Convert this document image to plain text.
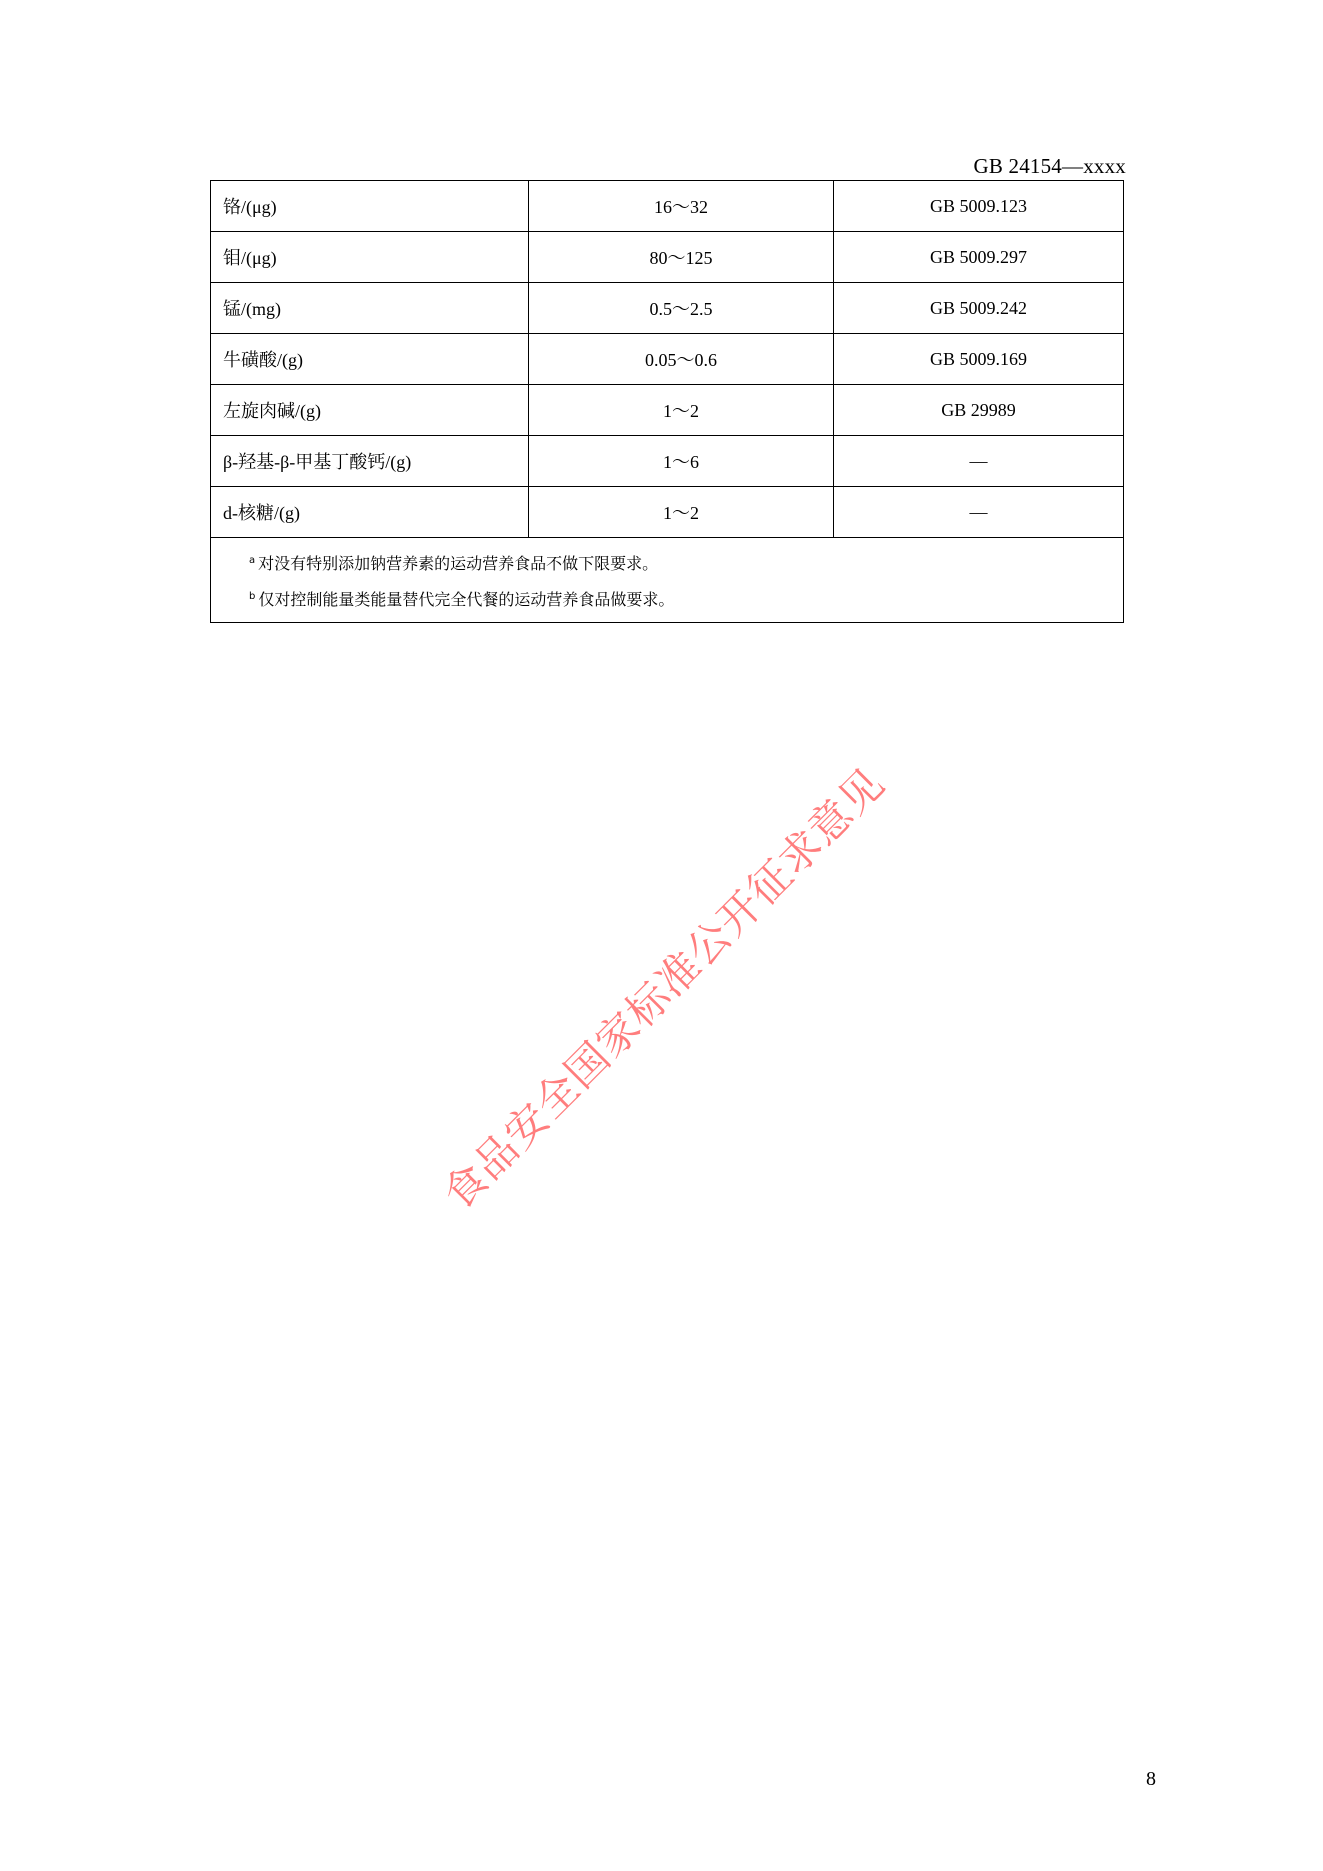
GB 24154—xxxx
铬/(μg)	16～32	GB 5009.123
钼/(μg)	80～125	GB 5009.297
锰/(mg)	0.5～2.5	GB 5009.242
牛磺酸/(g)	0.05～0.6	GB 5009.169
左旋肉碱/(g)	1～2	GB 29989
β-羟基-β-甲基丁酸钙/(g)	1～6	—
d-核糖/(g)	1～2	—

$^a$ 对没有特别添加钠营养素的运动营养食品不做下限要求。
$^b$ 仅对控制能量类能量替代完全代餐的运动营养食品做要求。		
食品安全国家标准公开征求意见
8
